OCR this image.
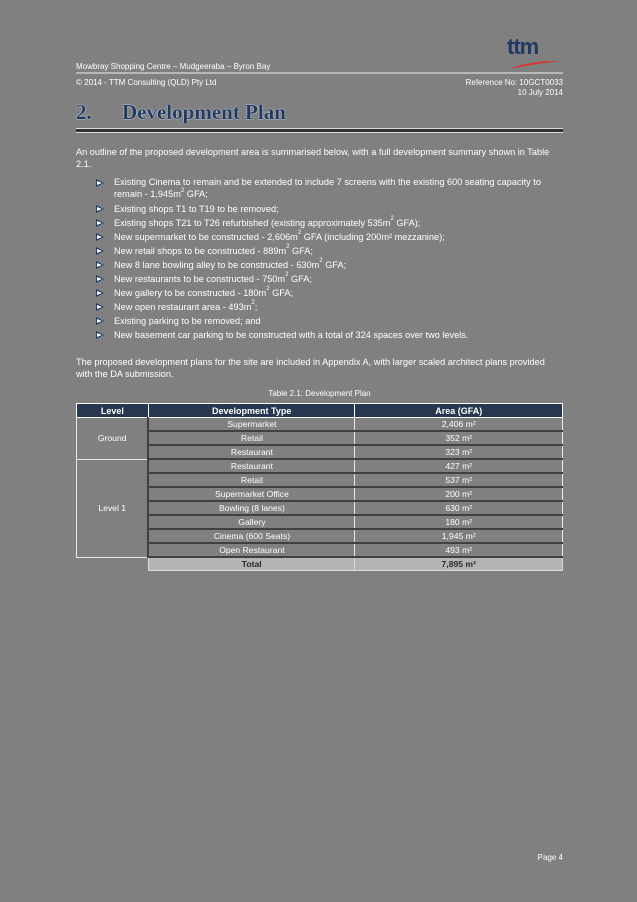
Mowbray Shopping Centre – Mudgeeraba – Byron Bay
ttm
© 2014 - TTM Consulting (QLD) Pty Ltd	Reference No: 10GCT0033
10 July 2014
2. Development Plan
An outline of the proposed development area is summarised below, with a full development summary shown in Table 2.1.
Existing Cinema to remain and be extended to include 7 screens with the existing 600 seating capacity to remain - $1,945m^2$ GFA;
Existing shops T1 to T19 to be removed;
Existing shops T21 to T26 refurbished (existing approximately $535m^2$ GFA);
New supermarket to be constructed - $2,606m^2$ GFA (including 200m² mezzanine);
New retail shops to be constructed - $889m^2$ GFA;
New 8 lane bowling alley to be constructed - $630m^2$ GFA;
New restaurants to be constructed - $750m^2$ GFA;
New gallery to be constructed - $180m^2$ GFA;
New open restaurant area - $493m^2$;
Existing parking to be removed; and
New basement car parking to be constructed with a total of 324 spaces over two levels.
The proposed development plans for the site are included in Appendix A, with larger scaled architect plans provided with the DA submission.
Table 2.1: Development Plan
Level	Development Type	Area (GFA)
Ground	Supermarket	2,406 m²
	Retail	352 m²
	Restaurant	323 m²
Level 1	Restaurant	427 m²
	Retail	537 m²
	Supermarket Office	200 m²
	Bowling (8 lanes)	630 m²
	Gallery	180 m²
	Cinema (600 Seats)	1,945 m²
	Open Restaurant	493 m²
	Total	7,895 m²
Page 4
